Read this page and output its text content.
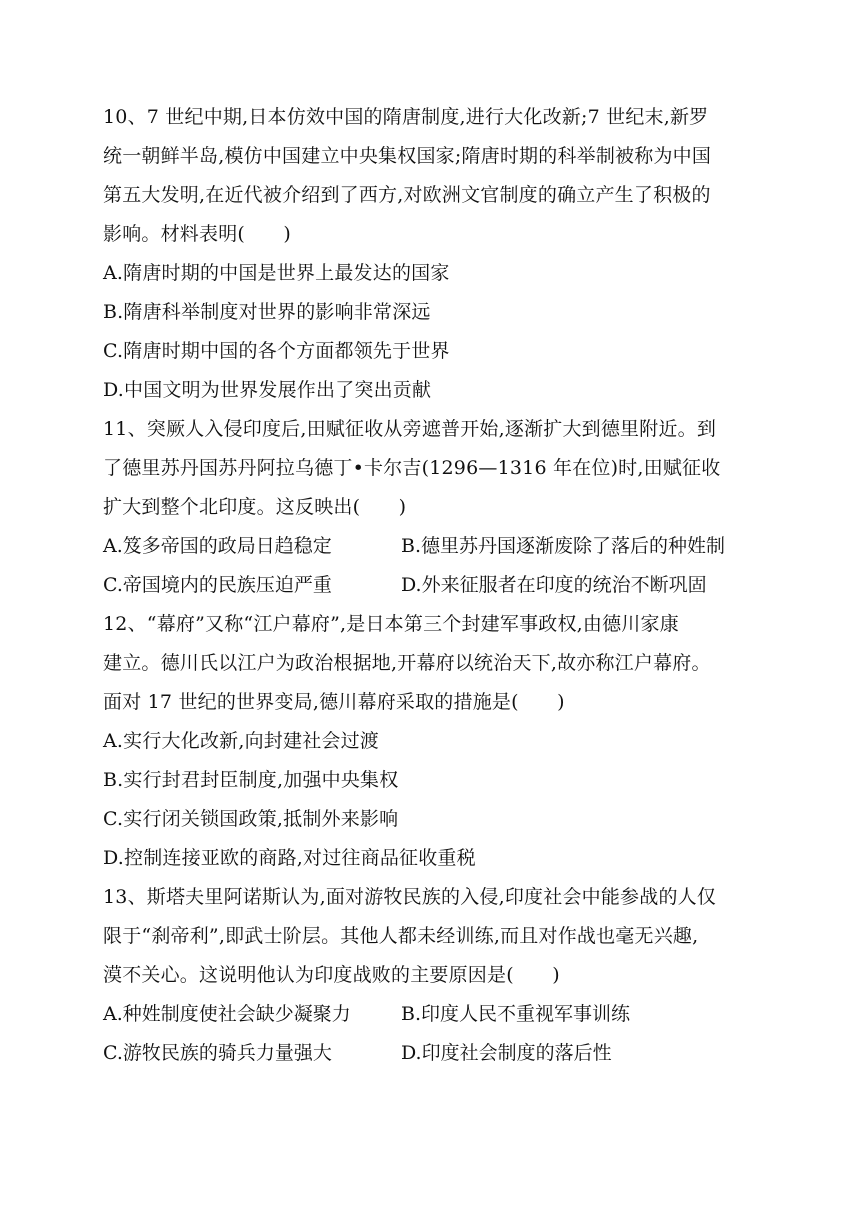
10、7 世纪中期,日本仿效中国的隋唐制度,进行大化改新;7 世纪末,新罗
统一朝鲜半岛,模仿中国建立中央集权国家;隋唐时期的科举制被称为中国
第五大发明,在近代被介绍到了西方,对欧洲文官制度的确立产生了积极的
影响。材料表明(　　)
A.隋唐时期的中国是世界上最发达的国家
B.隋唐科举制度对世界的影响非常深远
C.隋唐时期中国的各个方面都领先于世界
D.中国文明为世界发展作出了突出贡献
11、突厥人入侵印度后,田赋征收从旁遮普开始,逐渐扩大到德里附近。到
了德里苏丹国苏丹阿拉乌德丁•卡尔吉(1296—1316 年在位)时,田赋征收
扩大到整个北印度。这反映出(　　)
A.笈多帝国的政局日趋稳定	B.德里苏丹国逐渐废除了落后的种姓制
C.帝国境内的民族压迫严重	D.外来征服者在印度的统治不断巩固
12、“幕府”又称“江户幕府”,是日本第三个封建军事政权,由德川家康
建立。德川氏以江户为政治根据地,开幕府以统治天下,故亦称江户幕府。
面对 17 世纪的世界变局,德川幕府采取的措施是(　　)
A.实行大化改新,向封建社会过渡
B.实行封君封臣制度,加强中央集权
C.实行闭关锁国政策,抵制外来影响
D.控制连接亚欧的商路,对过往商品征收重税
13、斯塔夫里阿诺斯认为,面对游牧民族的入侵,印度社会中能参战的人仅
限于“刹帝利”,即武士阶层。其他人都未经训练,而且对作战也毫无兴趣,
漠不关心。这说明他认为印度战败的主要原因是(　　)
A.种姓制度使社会缺少凝聚力	B.印度人民不重视军事训练
C.游牧民族的骑兵力量强大	D.印度社会制度的落后性
